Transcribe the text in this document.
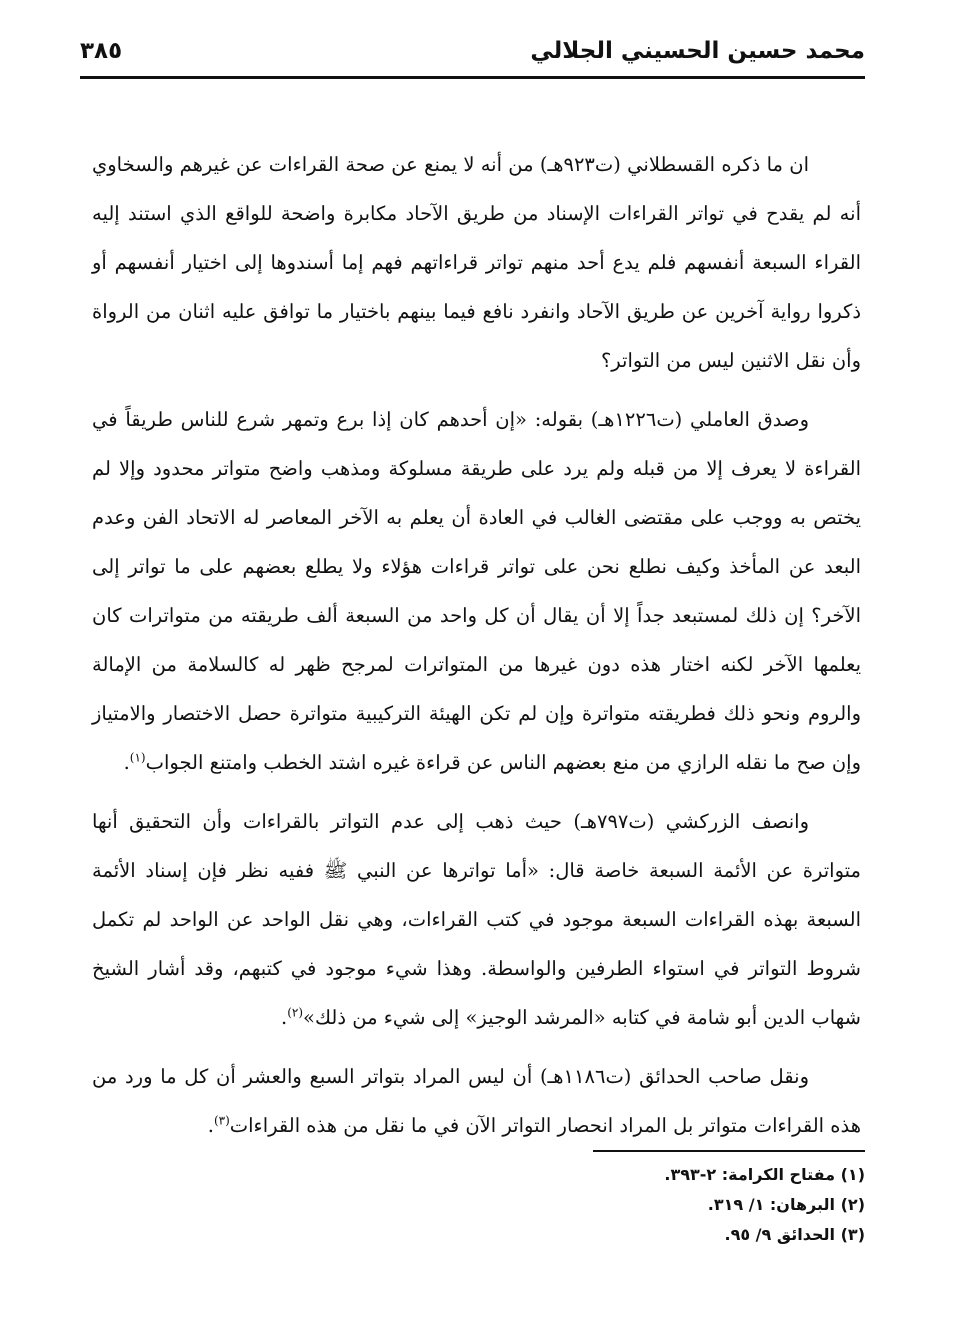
محمد حسين الحسيني الجلالي
٣٨٥

ان ما ذكره القسطلاني (ت٩٢٣هـ) من أنه لا يمنع عن صحة القراءات عن غيرهم والسخاوي أنه لم يقدح في تواتر القراءات الإسناد من طريق الآحاد مكابرة واضحة للواقع الذي استند إليه القراء السبعة أنفسهم فلم يدع أحد منهم تواتر قراءاتهم فهم إما أسندوها إلى اختيار أنفسهم أو ذكروا رواية آخرين عن طريق الآحاد وانفرد نافع فيما بينهم باختيار ما توافق عليه اثنان من الرواة وأن نقل الاثنين ليس من التواتر؟

وصدق العاملي (ت١٢٢٦هـ) بقوله: «إن أحدهم كان إذا برع وتمهر شرع للناس طريقاً في القراءة لا يعرف إلا من قبله ولم يرد على طريقة مسلوكة ومذهب واضح متواتر محدود وإلا لم يختص به ووجب على مقتضى الغالب في العادة أن يعلم به الآخر المعاصر له الاتحاد الفن وعدم البعد عن المأخذ وكيف نطلع نحن على تواتر قراءات هؤلاء ولا يطلع بعضهم على ما تواتر إلى الآخر؟ إن ذلك لمستبعد جداً إلا أن يقال أن كل واحد من السبعة ألف طريقته من متواترات كان يعلمها الآخر لكنه اختار هذه دون غيرها من المتواترات لمرجح ظهر له كالسلامة من الإمالة والروم ونحو ذلك فطريقته متواترة وإن لم تكن الهيئة التركيبية متواترة حصل الاختصار والامتياز وإن صح ما نقله الرازي من منع بعضهم الناس عن قراءة غيره اشتد الخطب وامتنع الجواب$^{(١)}$.

وانصف الزركشي (ت٧٩٧هـ) حيث ذهب إلى عدم التواتر بالقراءات وأن التحقيق أنها متواترة عن الأئمة السبعة خاصة قال: «أما تواترها عن النبي ﷺ ففيه نظر فإن إسناد الأئمة السبعة بهذه القراءات السبعة موجود في كتب القراءات، وهي نقل الواحد عن الواحد لم تكمل شروط التواتر في استواء الطرفين والواسطة. وهذا شيء موجود في كتبهم، وقد أشار الشيخ شهاب الدين أبو شامة في كتابه «المرشد الوجيز» إلى شيء من ذلك»$^{(٢)}$.

ونقل صاحب الحدائق (ت١١٨٦هـ) أن ليس المراد بتواتر السبع والعشر أن كل ما ورد من هذه القراءات متواتر بل المراد انحصار التواتر الآن في ما نقل من هذه القراءات$^{(٣)}$.

(١) مفتاح الكرامة: ٢-٣٩٣.
(٢) البرهان: ١/ ٣١٩.
(٣) الحدائق ٩/ ٩٥.
